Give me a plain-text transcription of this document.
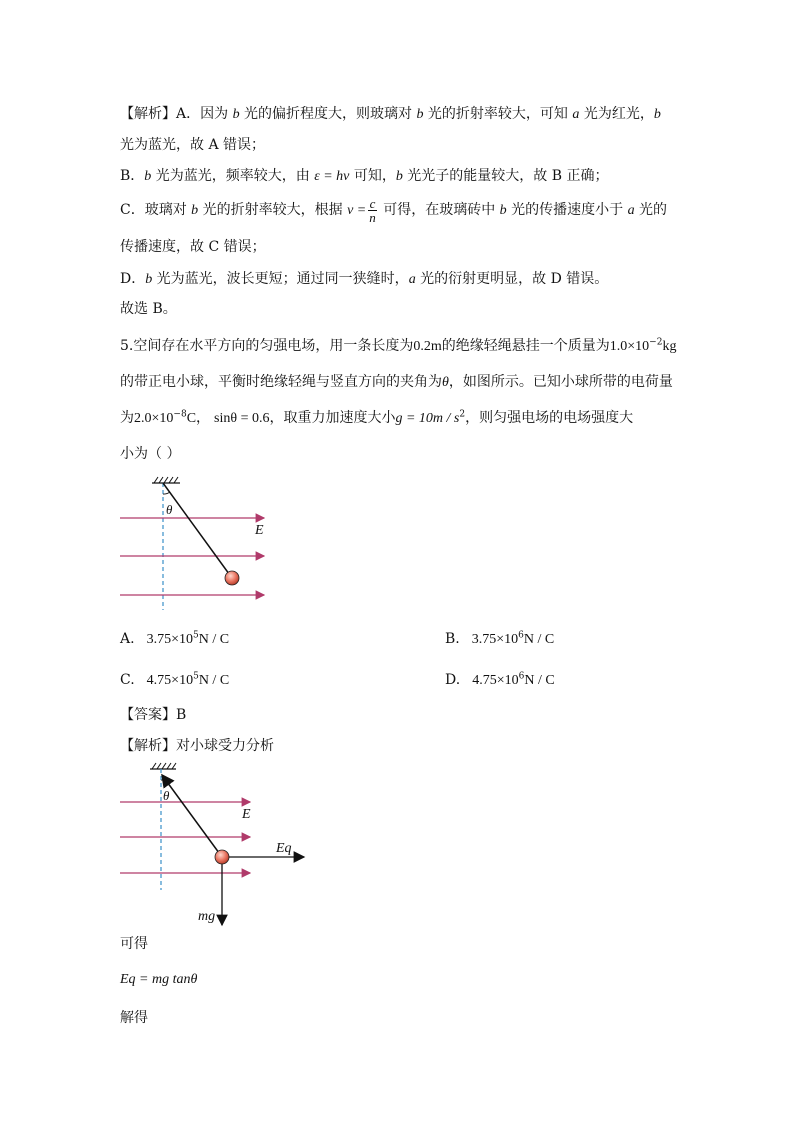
【解析】A．因为 b 光的偏折程度大，则玻璃对 b 光的折射率较大，可知 a 光为红光，b
光为蓝光，故 A 错误；
B．b 光为蓝光，频率较大，由 ε = hν 可知，b 光光子的能量较大，故 B 正确；
C．玻璃对 b 光的折射率较大，根据 $v = \frac{c}{n}$ 可得，在玻璃砖中 b 光的传播速度小于 a 光的
传播速度，故 C 错误；
D．b 光为蓝光，波长更短；通过同一狭缝时，a 光的衍射更明显，故 D 错误。
故选 B。
5.空间存在水平方向的匀强电场，用一条长度为0.2m的绝缘轻绳悬挂一个质量为$1.0\times 10^{-2}kg$
的带正电小球，平衡时绝缘轻绳与竖直方向的夹角为θ，如图所示。已知小球所带的电荷量
为$2.0\times 10^{-8}C$， sinθ = 0.6，取重力加速度大小$g = 10m / s^2$，则匀强电场的电场强度大
小为（ ）
θ
E
A. $3.75\times 10^5N / C$	B. $3.75\times 10^6N / C$
C. $4.75\times 10^5N / C$	D. $4.75\times 10^6N / C$
【答案】B
【解析】对小球受力分析
θ
E
Eq
mg
可得
Eq = mg tanθ
解得
